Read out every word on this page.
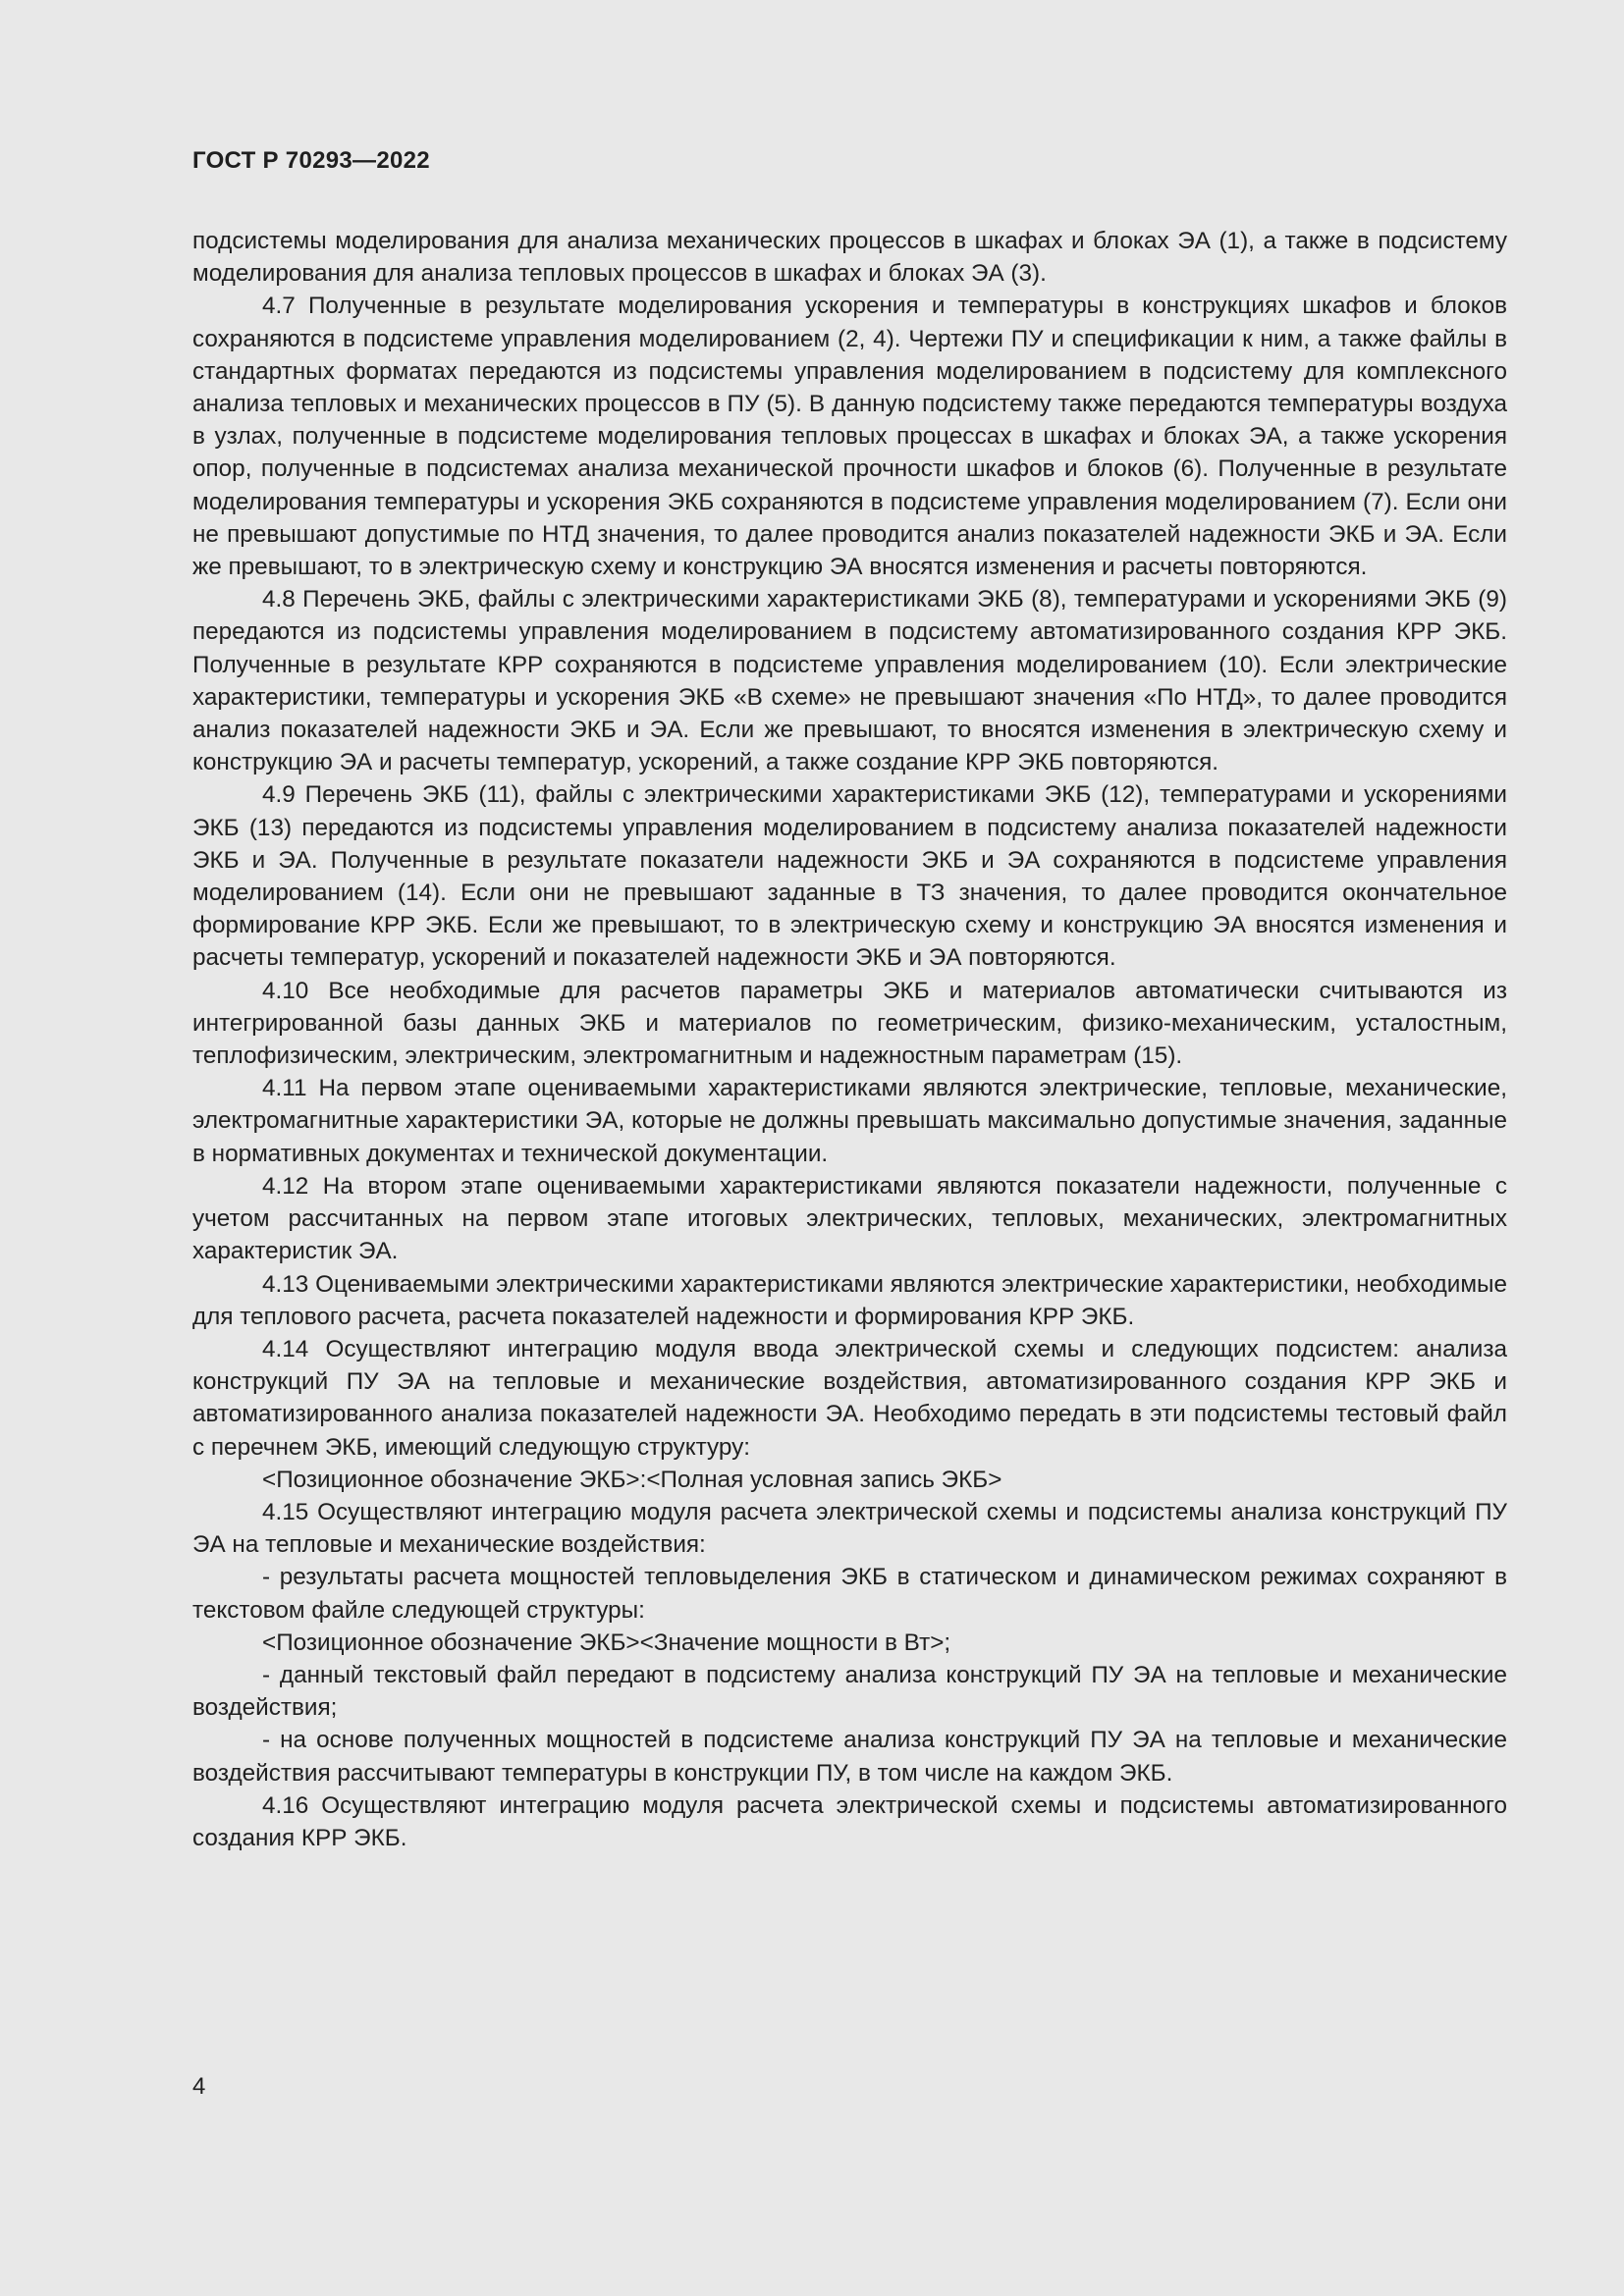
ГОСТ Р 70293—2022

подсистемы моделирования для анализа механических процессов в шкафах и блоках ЭА (1), а также в подсистему моделирования для анализа тепловых процессов в шкафах и блоках ЭА (3).

4.7 Полученные в результате моделирования ускорения и температуры в конструкциях шкафов и блоков сохраняются в подсистеме управления моделированием (2, 4). Чертежи ПУ и спецификации к ним, а также файлы в стандартных форматах передаются из подсистемы управления моделированием в подсистему для комплексного анализа тепловых и механических процессов в ПУ (5). В данную подсистему также передаются температуры воздуха в узлах, полученные в подсистеме моделирования тепловых процессах в шкафах и блоках ЭА, а также ускорения опор, полученные в подсистемах анализа механической прочности шкафов и блоков (6). Полученные в результате моделирования температуры и ускорения ЭКБ сохраняются в подсистеме управления моделированием (7). Если они не превышают допустимые по НТД значения, то далее проводится анализ показателей надежности ЭКБ и ЭА. Если же превышают, то в электрическую схему и конструкцию ЭА вносятся изменения и расчеты повторяются.

4.8 Перечень ЭКБ, файлы с электрическими характеристиками ЭКБ (8), температурами и ускорениями ЭКБ (9) передаются из подсистемы управления моделированием в подсистему автоматизированного создания КРР ЭКБ. Полученные в результате КРР сохраняются в подсистеме управления моделированием (10). Если электрические характеристики, температуры и ускорения ЭКБ «В схеме» не превышают значения «По НТД», то далее проводится анализ показателей надежности ЭКБ и ЭА. Если же превышают, то вносятся изменения в электрическую схему и конструкцию ЭА и расчеты температур, ускорений, а также создание КРР ЭКБ повторяются.

4.9 Перечень ЭКБ (11), файлы с электрическими характеристиками ЭКБ (12), температурами и ускорениями ЭКБ (13) передаются из подсистемы управления моделированием в подсистему анализа показателей надежности ЭКБ и ЭА. Полученные в результате показатели надежности ЭКБ и ЭА сохраняются в подсистеме управления моделированием (14). Если они не превышают заданные в ТЗ значения, то далее проводится окончательное формирование КРР ЭКБ. Если же превышают, то в электрическую схему и конструкцию ЭА вносятся изменения и расчеты температур, ускорений и показателей надежности ЭКБ и ЭА повторяются.

4.10 Все необходимые для расчетов параметры ЭКБ и материалов автоматически считываются из интегрированной базы данных ЭКБ и материалов по геометрическим, физико-механическим, усталостным, теплофизическим, электрическим, электромагнитным и надежностным параметрам (15).

4.11 На первом этапе оцениваемыми характеристиками являются электрические, тепловые, механические, электромагнитные характеристики ЭА, которые не должны превышать максимально допустимые значения, заданные в нормативных документах и технической документации.

4.12 На втором этапе оцениваемыми характеристиками являются показатели надежности, полученные с учетом рассчитанных на первом этапе итоговых электрических, тепловых, механических, электромагнитных характеристик ЭА.

4.13 Оцениваемыми электрическими характеристиками являются электрические характеристики, необходимые для теплового расчета, расчета показателей надежности и формирования КРР ЭКБ.

4.14 Осуществляют интеграцию модуля ввода электрической схемы и следующих подсистем: анализа конструкций ПУ ЭА на тепловые и механические воздействия, автоматизированного создания КРР ЭКБ и автоматизированного анализа показателей надежности ЭА. Необходимо передать в эти подсистемы тестовый файл с перечнем ЭКБ, имеющий следующую структуру:

<Позиционное обозначение ЭКБ>:<Полная условная запись ЭКБ>

4.15 Осуществляют интеграцию модуля расчета электрической схемы и подсистемы анализа конструкций ПУ ЭА на тепловые и механические воздействия:

- результаты расчета мощностей тепловыделения ЭКБ в статическом и динамическом режимах сохраняют в текстовом файле следующей структуры:

<Позиционное обозначение ЭКБ><Значение мощности в Вт>;

- данный текстовый файл передают в подсистему анализа конструкций ПУ ЭА на тепловые и механические воздействия;

- на основе полученных мощностей в подсистеме анализа конструкций ПУ ЭА на тепловые и механические воздействия рассчитывают температуры в конструкции ПУ, в том числе на каждом ЭКБ.

4.16 Осуществляют интеграцию модуля расчета электрической схемы и подсистемы автоматизированного создания КРР ЭКБ.

4
